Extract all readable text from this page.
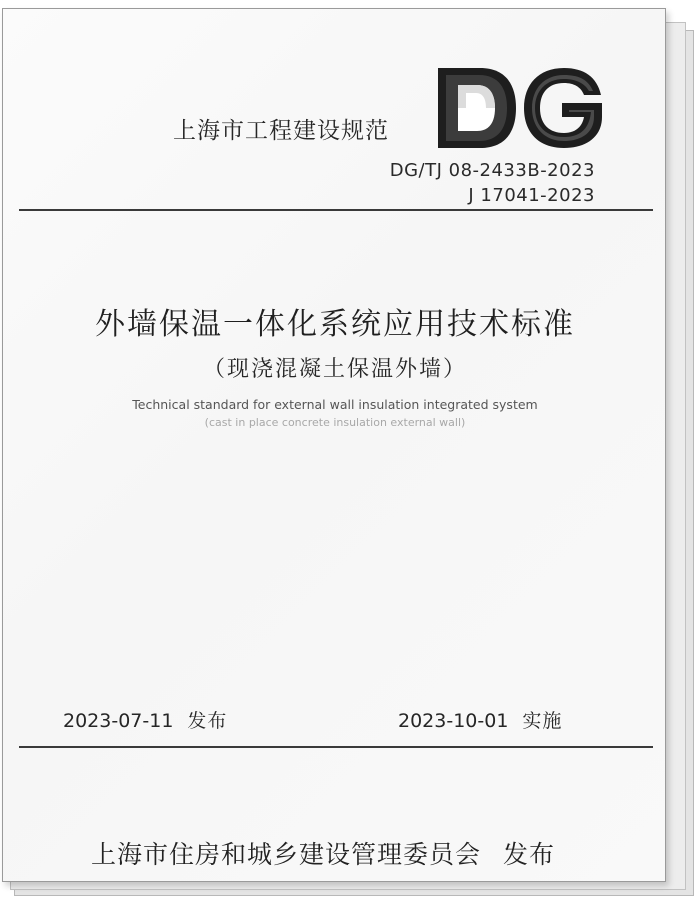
上海市工程建设规范
DG/TJ 08-2433B-2023
J 17041-2023
外墙保温一体化系统应用技术标准
（现浇混凝土保温外墙）
Technical standard for external wall insulation integrated system
(cast in place concrete insulation external wall)
2023-07-11 发布	2023-10-01 实施
上海市住房和城乡建设管理委员会 发布
